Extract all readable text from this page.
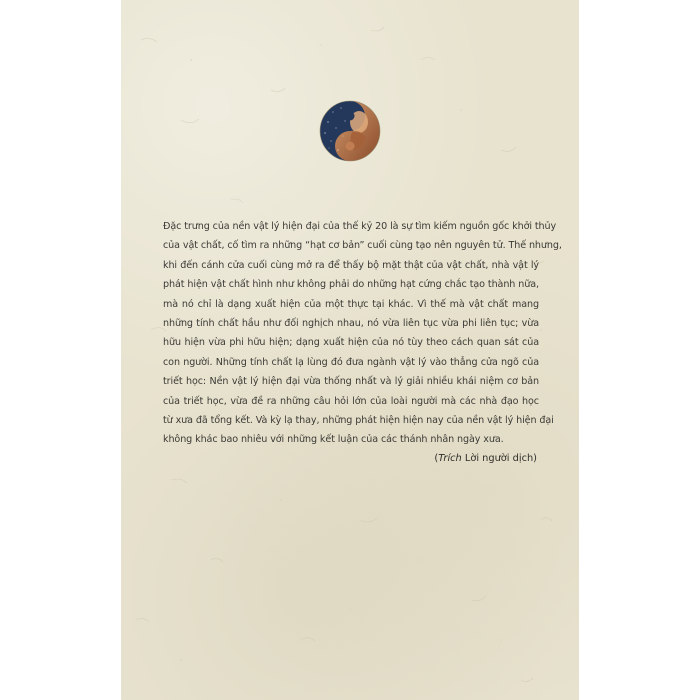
Đặc trưng của nền vật lý hiện đại của thế kỷ 20 là sự tìm kiếm nguồn gốc khởi thủy
của vật chất, cố tìm ra những “hạt cơ bản” cuối cùng tạo nên nguyên tử. Thế nhưng,
khi đến cánh cửa cuối cùng mở ra để thấy bộ mặt thật của vật chất, nhà vật lý
phát hiện vật chất hình như không phải do những hạt cứng chắc tạo thành nữa,
mà nó chỉ là dạng xuất hiện của một thực tại khác. Vì thế mà vật chất mang
những tính chất hầu như đối nghịch nhau, nó vừa liên tục vừa phi liên tục; vừa
hữu hiện vừa phi hữu hiện; dạng xuất hiện của nó tùy theo cách quan sát của
con người. Những tính chất lạ lùng đó đưa ngành vật lý vào thẳng cửa ngõ của
triết học: Nền vật lý hiện đại vừa thống nhất và lý giải nhiều khái niệm cơ bản
của triết học, vừa đề ra những câu hỏi lớn của loài người mà các nhà đạo học
từ xưa đã tổng kết. Và kỳ lạ thay, những phát hiện hiện nay của nền vật lý hiện đại
không khác bao nhiêu với những kết luận của các thánh nhân ngày xưa.

(Trích Lời người dịch)
